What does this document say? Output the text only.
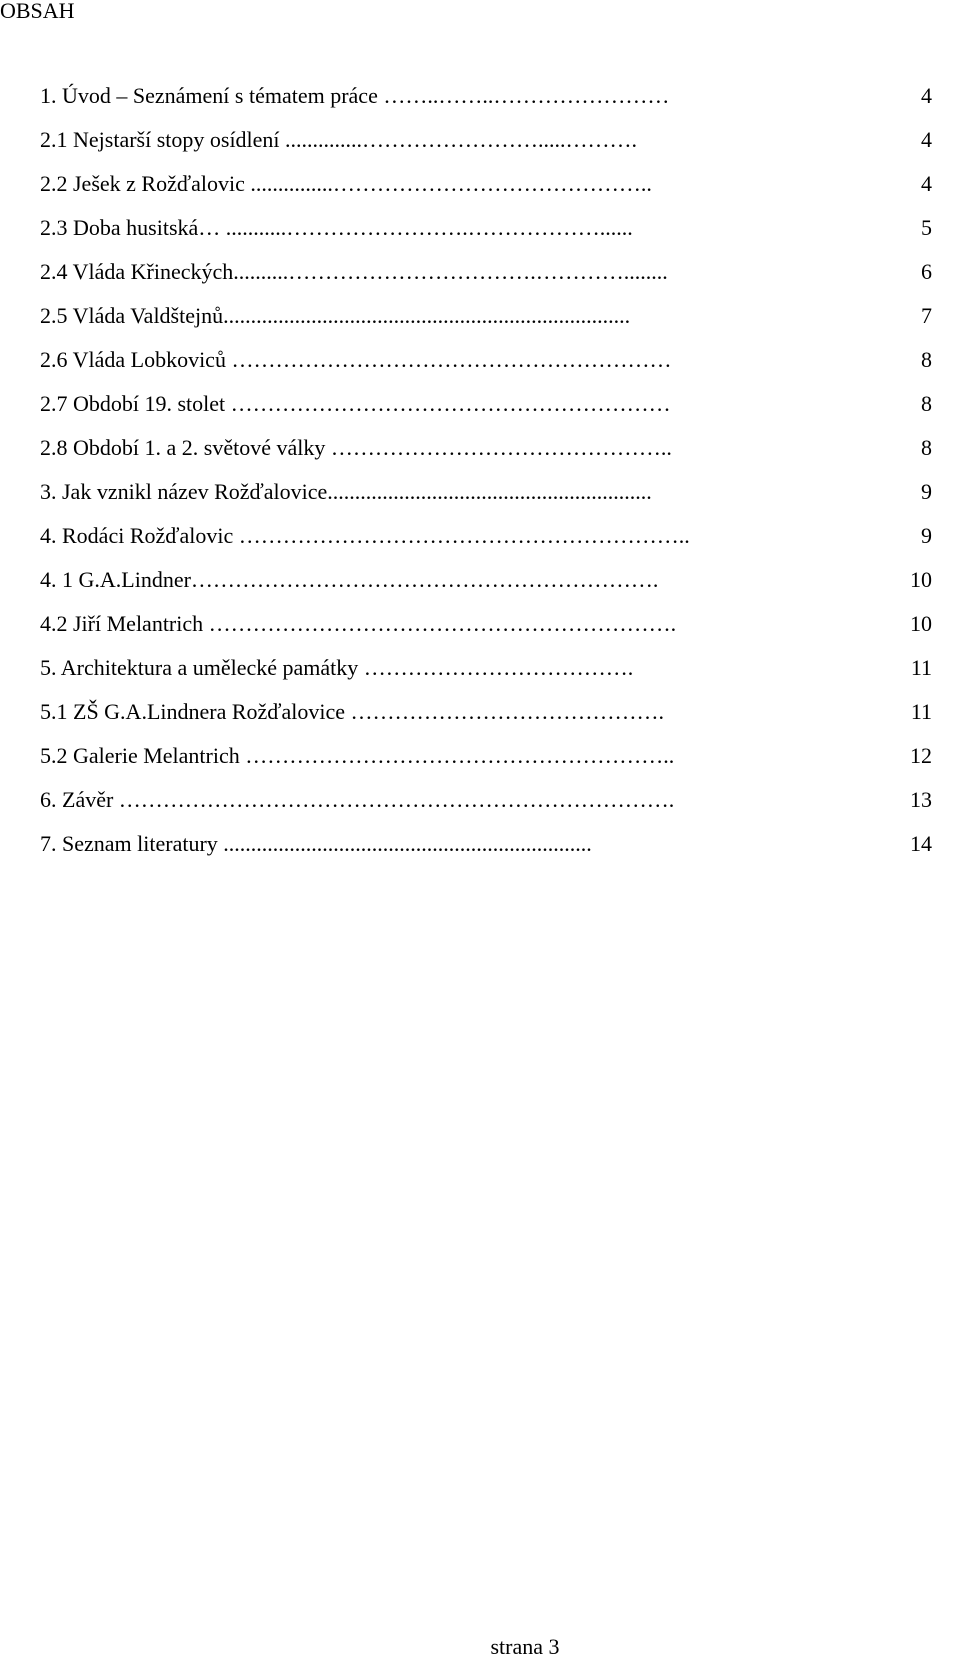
OBSAH
1. Úvod – Seznámení s tématem práce ……..……..……………………	4
2.1 Nejstarší stopy osídlení ..............…………………….....……….	4
2.2 Ješek z Rožďalovic ...............……………………………………..	4
2.3 Doba husitská… ...........…………………….………………......	5
2.4 Vláda Křineckých..........…………………………….…………........	6
2.5 Vláda Valdštejnů..........................................................................	7
2.6 Vláda Lobkoviců ……………………………………………………	8
2.7 Období 19. stolet ……………………………………………………	8
2.8 Období 1. a 2. světové války ………………………………………..	8
3. Jak vznikl název Rožďalovice...........................................................	9
4. Rodáci Rožďalovic ……………………………………………………..	9
4. 1 G.A.Lindner……………………………………………………….	10
4.2 Jiří Melantrich ……………………………………………………….	10
5. Architektura a umělecké památky ……………………………….	11
5.1 ZŠ G.A.Lindnera Rožďalovice …………………………………….	11
5.2 Galerie Melantrich …………………………………………………..	12
6. Závěr ………………………………………………………………….	13
7. Seznam literatury ...................................................................	14
strana 3
